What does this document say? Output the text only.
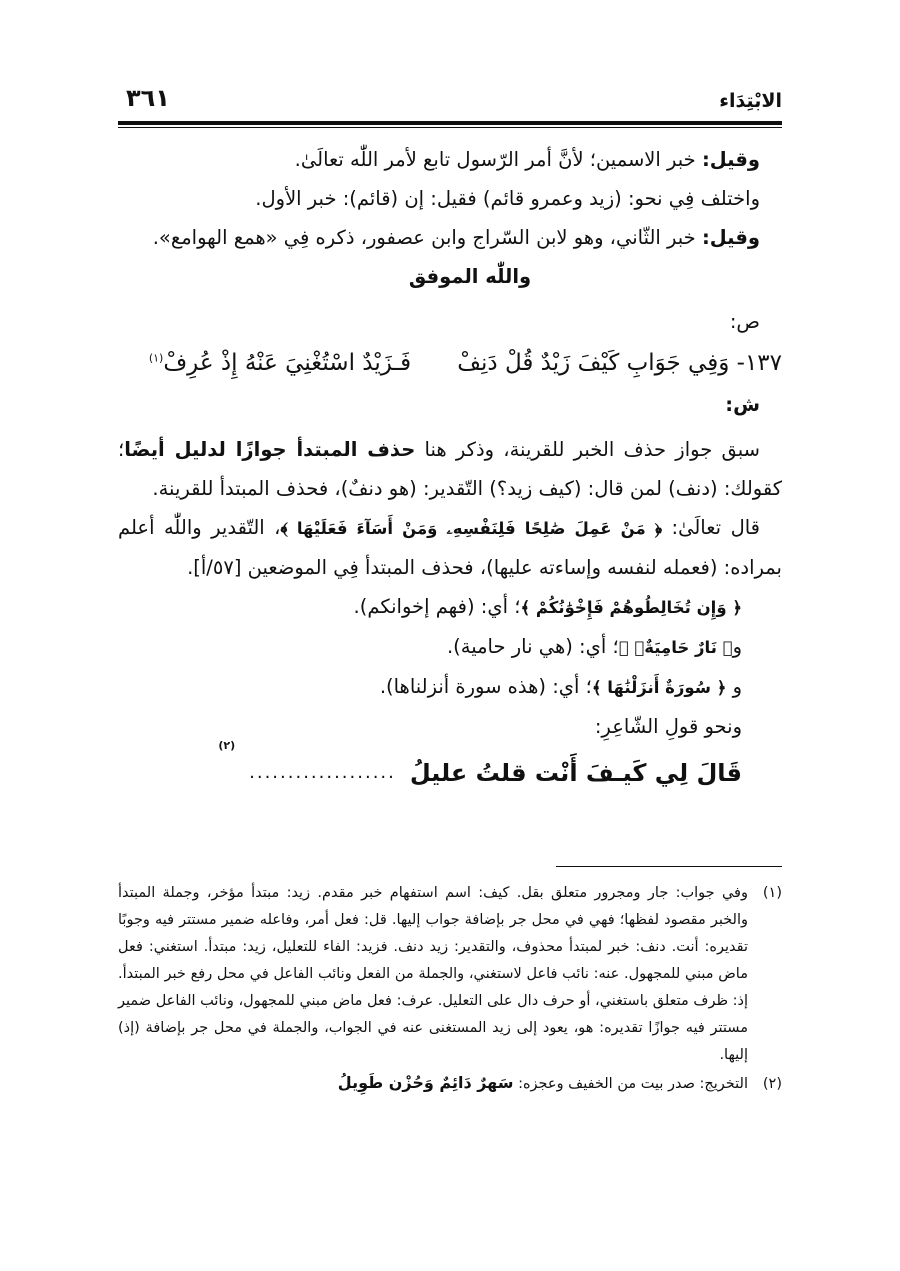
الابْتِدَاء
٣٦١

وقيل: خبر الاسمين؛ لأنَّ أمر الرّسول تابع لأمر اللّٰه تعالَىٰ.

واختلف فِي نحو: (زيد وعمرو قائم) فقيل: إن (قائم): خبر الأول.

وقيل: خبر الثّاني، وهو لابن السّراج وابن عصفور، ذكره فِي «همع الهوامع».

واللّٰه الموفق

ص:

١٣٧- وَفِي جَوَابِ كَيْفَ زَيْدٌ قُلْ دَنِفْ
فَـزَيْدٌ اسْتُغْنِيَ عَنْهُ إِذْ عُرِفْ$^{(١)}$

ش:

سبق جواز حذف الخبر للقرينة، وذكر هنا حذف المبتدأ جوازًا لدليل أيضًا؛ كقولك: (دنف) لمن قال: (كيف زيد؟) التّقدير: (هو دنفٌ)، فحذف المبتدأ للقرينة.

قال تعالَىٰ: ﴿ مَنْ عَمِلَ صَٰلِحًا فَلِنَفْسِهِۦ وَمَنْ أَسَآءَ فَعَلَيْهَا ﴾، التّقدير واللّٰه أعلم بمراده: (فعمله لنفسه وإساءته عليها)، فحذف المبتدأ فِي الموضعين [٥٧/أ].

﴿ وَإِن تُخَالِطُوهُمْ فَإِخْوَٰنُكُمْ ﴾؛ أي: (فهم إخوانكم).

و﴿ نَارٌ حَامِيَةٌۢ ﴾؛ أي: (هي نار حامية).

و ﴿ سُورَةٌ أَنزَلْنَٰهَا ﴾؛ أي: (هذه سورة أنزلناها).

ونحو قولِ الشّاعِرِ:

قَالَ لِي كَيـفَ أَنْت قلتُ عليلُ
...................
(٢)

(١)وفي جواب: جار ومجرور متعلق بقل. كيف: اسم استفهام خبر مقدم. زيد: مبتدأ مؤخر، وجملة المبتدأ والخبر مقصود لفظها؛ فهي في محل جر بإضافة جواب إليها. قل: فعل أمر، وفاعله ضمير مستتر فيه وجوبًا تقديره: أنت. دنف: خبر لمبتدأ محذوف، والتقدير: زيد دنف. فزيد: الفاء للتعليل، زيد: مبتدأ. استغني: فعل ماض مبني للمجهول. عنه: نائب فاعل لاستغني، والجملة من الفعل ونائب الفاعل في محل رفع خبر المبتدأ. إذ: ظرف متعلق باستغني، أو حرف دال على التعليل. عرف: فعل ماض مبني للمجهول، ونائب الفاعل ضمير مستتر فيه جوازًا تقديره: هو، يعود إلى زيد المستغنى عنه في الجواب، والجملة في محل جر بإضافة (إذ) إليها.

(٢)التخريج: صدر بيت من الخفيف وعجزه: سَهرٌ دَائِمٌ وَحُزْن طَوِيلُ
